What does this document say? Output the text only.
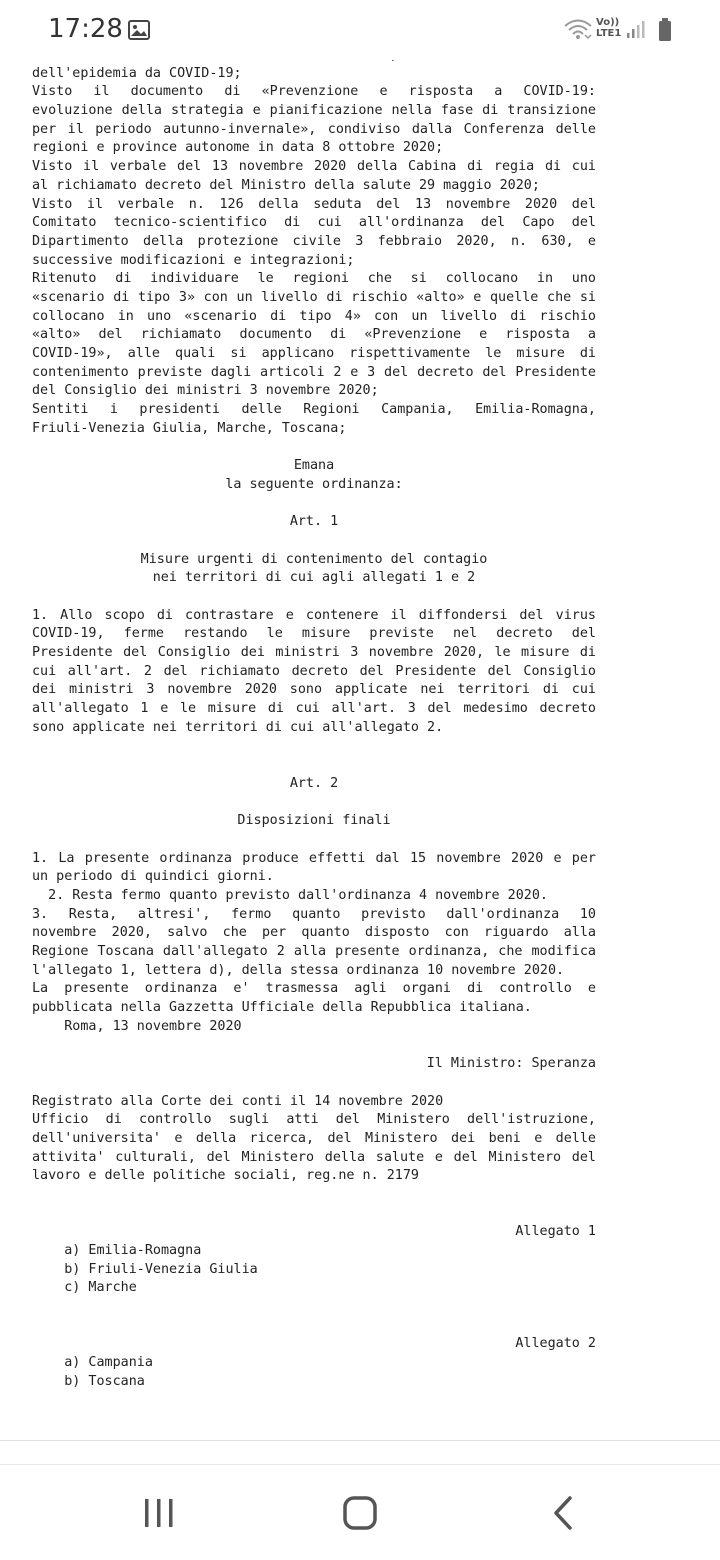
17:28	Vo))
LTE1
dell'epidemia da COVID-19;
Visto il documento di «Prevenzione e risposta a COVID-19:
evoluzione della strategia e pianificazione nella fase di transizione
per il periodo autunno-invernale», condiviso dalla Conferenza delle
regioni e province autonome in data 8 ottobre 2020;
Visto il verbale del 13 novembre 2020 della Cabina di regia di cui
al richiamato decreto del Ministro della salute 29 maggio 2020;
Visto il verbale n. 126 della seduta del 13 novembre 2020 del
Comitato tecnico-scientifico di cui all'ordinanza del Capo del
Dipartimento della protezione civile 3 febbraio 2020, n. 630, e
successive modificazioni e integrazioni;
Ritenuto di individuare le regioni che si collocano in uno
«scenario di tipo 3» con un livello di rischio «alto» e quelle che si
collocano in uno «scenario di tipo 4» con un livello di rischio
«alto» del richiamato documento di «Prevenzione e risposta a
COVID-19», alle quali si applicano rispettivamente le misure di
contenimento previste dagli articoli 2 e 3 del decreto del Presidente
del Consiglio dei ministri 3 novembre 2020;
Sentiti i presidenti delle Regioni Campania, Emilia-Romagna,
Friuli-Venezia Giulia, Marche, Toscana;
Emana
la seguente ordinanza:
Art. 1
Misure urgenti di contenimento del contagio
nei territori di cui agli allegati 1 e 2
1. Allo scopo di contrastare e contenere il diffondersi del virus
COVID-19, ferme restando le misure previste nel decreto del
Presidente del Consiglio dei ministri 3 novembre 2020, le misure di
cui all'art. 2 del richiamato decreto del Presidente del Consiglio
dei ministri 3 novembre 2020 sono applicate nei territori di cui
all'allegato 1 e le misure di cui all'art. 3 del medesimo decreto
sono applicate nei territori di cui all'allegato 2.
Art. 2
Disposizioni finali
1. La presente ordinanza produce effetti dal 15 novembre 2020 e per
un periodo di quindici giorni.
2. Resta fermo quanto previsto dall'ordinanza 4 novembre 2020.
3. Resta, altresi', fermo quanto previsto dall'ordinanza 10
novembre 2020, salvo che per quanto disposto con riguardo alla
Regione Toscana dall'allegato 2 alla presente ordinanza, che modifica
l'allegato 1, lettera d), della stessa ordinanza 10 novembre 2020.
La presente ordinanza e' trasmessa agli organi di controllo e
pubblicata nella Gazzetta Ufficiale della Repubblica italiana.
Roma, 13 novembre 2020
Il Ministro: Speranza
Registrato alla Corte dei conti il 14 novembre 2020
Ufficio di controllo sugli atti del Ministero dell'istruzione,
dell'universita' e della ricerca, del Ministero dei beni e delle
attivita' culturali, del Ministero della salute e del Ministero del
lavoro e delle politiche sociali, reg.ne n. 2179
Allegato 1
a) Emilia-Romagna
b) Friuli-Venezia Giulia
c) Marche
Allegato 2
a) Campania
b) Toscana
